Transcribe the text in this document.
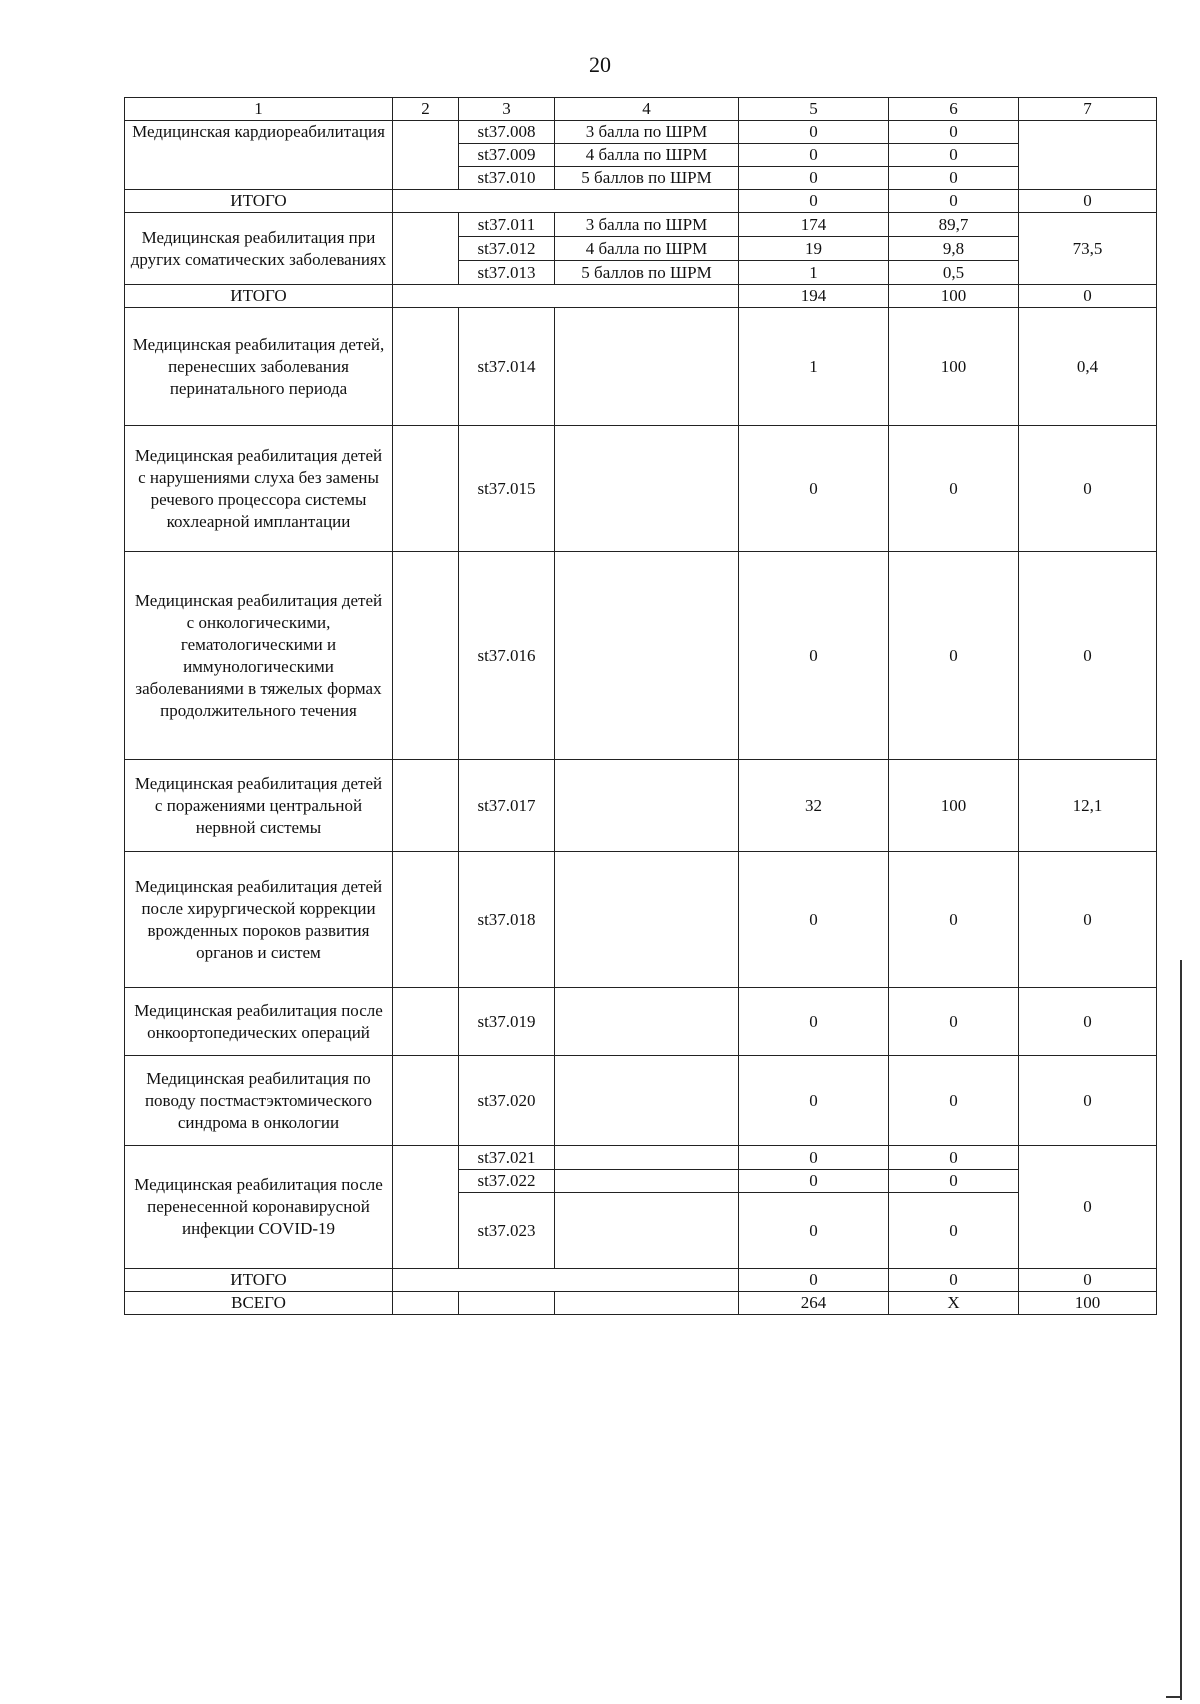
20
1	2	3	4	5	6	7
Медицинская кардиореабилитация		st37.008	3 балла по ШРМ	0	0	
		st37.009	4 балла по ШРМ	0	0	
		st37.010	5 баллов по ШРМ	0	0	
ИТОГО				0	0	0
Медицинская реабилитация при других соматических заболеваниях		st37.011	3 балла по ШРМ	174	89,7	73,5
		st37.012	4 балла по ШРМ	19	9,8	
		st37.013	5 баллов по ШРМ	1	0,5	
ИТОГО				194	100	0
Медицинская реабилитация детей, перенесших заболевания перинатального периода		st37.014		1	100	0,4
Медицинская реабилитация детей с нарушениями слуха без замены речевого процессора системы кохлеарной имплантации		st37.015		0	0	0
Медицинская реабилитация детей с онкологическими, гематологическими и иммунологическими заболеваниями в тяжелых формах продолжительного течения		st37.016		0	0	0
Медицинская реабилитация детей с поражениями центральной нервной системы		st37.017		32	100	12,1
Медицинская реабилитация детей после хирургической коррекции врожденных пороков развития органов и систем		st37.018		0	0	0
Медицинская реабилитация после онкоортопедических операций		st37.019		0	0	0
Медицинская реабилитация по поводу постмастэктомического синдрома в онкологии		st37.020		0	0	0
Медицинская реабилитация после перенесенной коронавирусной инфекции COVID-19		st37.021		0	0	0
		st37.022		0	0	
		st37.023		0	0	
ИТОГО				0	0	0
ВСЕГО				264	Х	100
